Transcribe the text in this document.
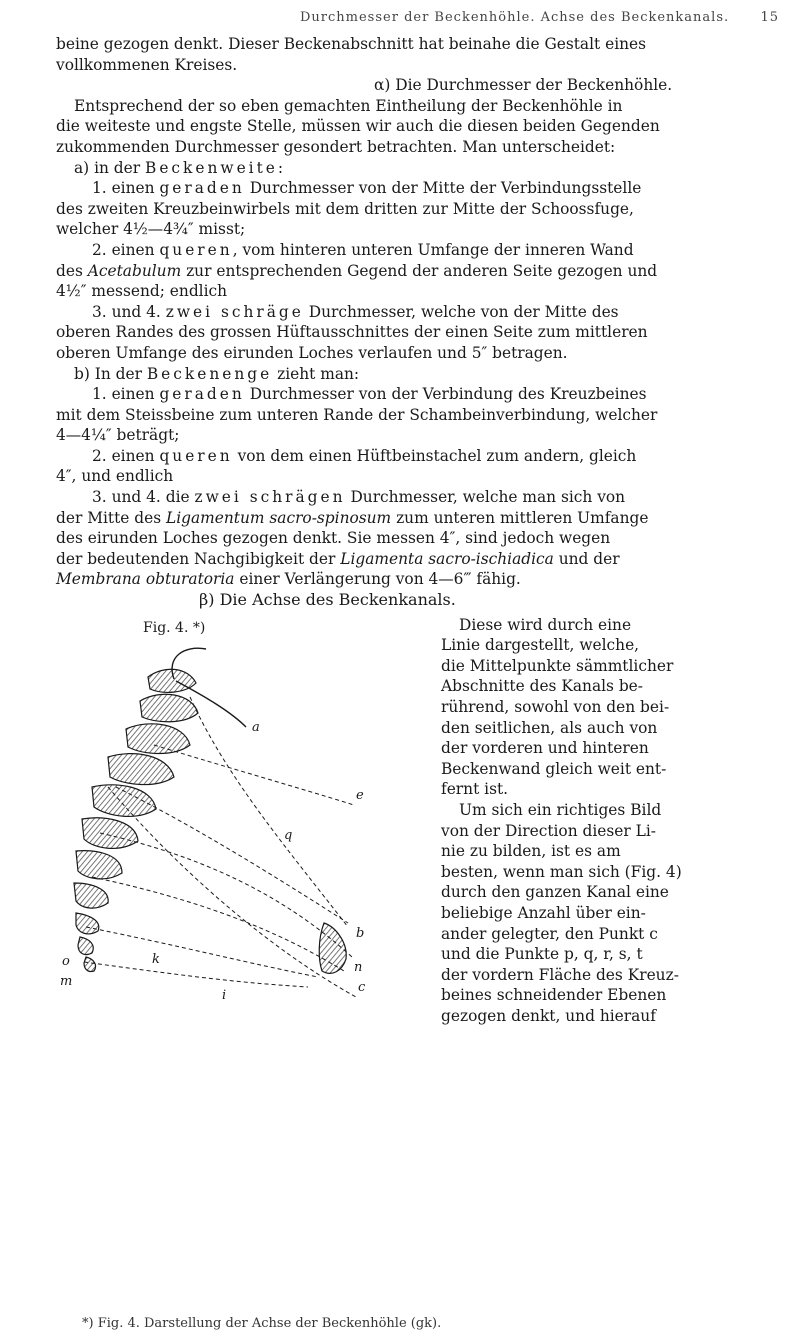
Durchmesser der Beckenhöhle. Achse des Beckenkanals. 15

beine gezogen denkt. Dieser Beckenabschnitt hat beinahe die Gestalt eines

vollkommenen Kreises.

α) Die Durchmesser der Beckenhöhle.

Entsprechend der so eben gemachten Eintheilung der Beckenhöhle in

die weiteste und engste Stelle, müssen wir auch die diesen beiden Gegenden

zukommenden Durchmesser gesondert betrachten. Man unterscheidet:

a) in der Beckenweite:

1. einen geraden Durchmesser von der Mitte der Verbindungsstelle

des zweiten Kreuzbeinwirbels mit dem dritten zur Mitte der Schoossfuge,

welcher 4½—4¾″ misst;

2. einen queren, vom hinteren unteren Umfange der inneren Wand

des Acetabulum zur entsprechenden Gegend der anderen Seite gezogen und

4½″ messend; endlich

3. und 4. zwei schräge Durchmesser, welche von der Mitte des

oberen Randes des grossen Hüftausschnittes der einen Seite zum mittleren

oberen Umfange des eirunden Loches verlaufen und 5″ betragen.

b) In der Beckenenge zieht man:

1. einen geraden Durchmesser von der Verbindung des Kreuzbeines

mit dem Steissbeine zum unteren Rande der Schambeinverbindung, welcher

4—4¼″ beträgt;

2. einen queren von dem einen Hüftbeinstachel zum andern, gleich

4″, und endlich

3. und 4. die zwei schrägen Durchmesser, welche man sich von

der Mitte des Ligamentum sacro-spinosum zum unteren mittleren Umfange

des eirunden Loches gezogen denkt. Sie messen 4″, sind jedoch wegen

der bedeutenden Nachgibigkeit der Ligamenta sacro-ischiadica und der

Membrana obturatoria einer Verlängerung von 4—6‴ fähig.

β) Die Achse des Beckenkanals.

Fig. 4. *)
a
e
q
b
n
c
k
i
o
m
Diese wird durch eine
Linie dargestellt, welche,
die Mittelpunkte sämmtlicher
Abschnitte des Kanals be-
rührend, sowohl von den bei-
den seitlichen, als auch von
der vorderen und hinteren
Beckenwand gleich weit ent-
fernt ist.
Um sich ein richtiges Bild
von der Direction dieser Li-
nie zu bilden, ist es am
besten, wenn man sich (Fig. 4)
durch den ganzen Kanal eine
beliebige Anzahl über ein-
ander gelegter, den Punkt c
und die Punkte p, q, r, s, t
der vordern Fläche des Kreuz-
beines schneidender Ebenen
gezogen denkt, und hierauf
*) Fig. 4. Darstellung der Achse der Beckenhöhle (gk).
